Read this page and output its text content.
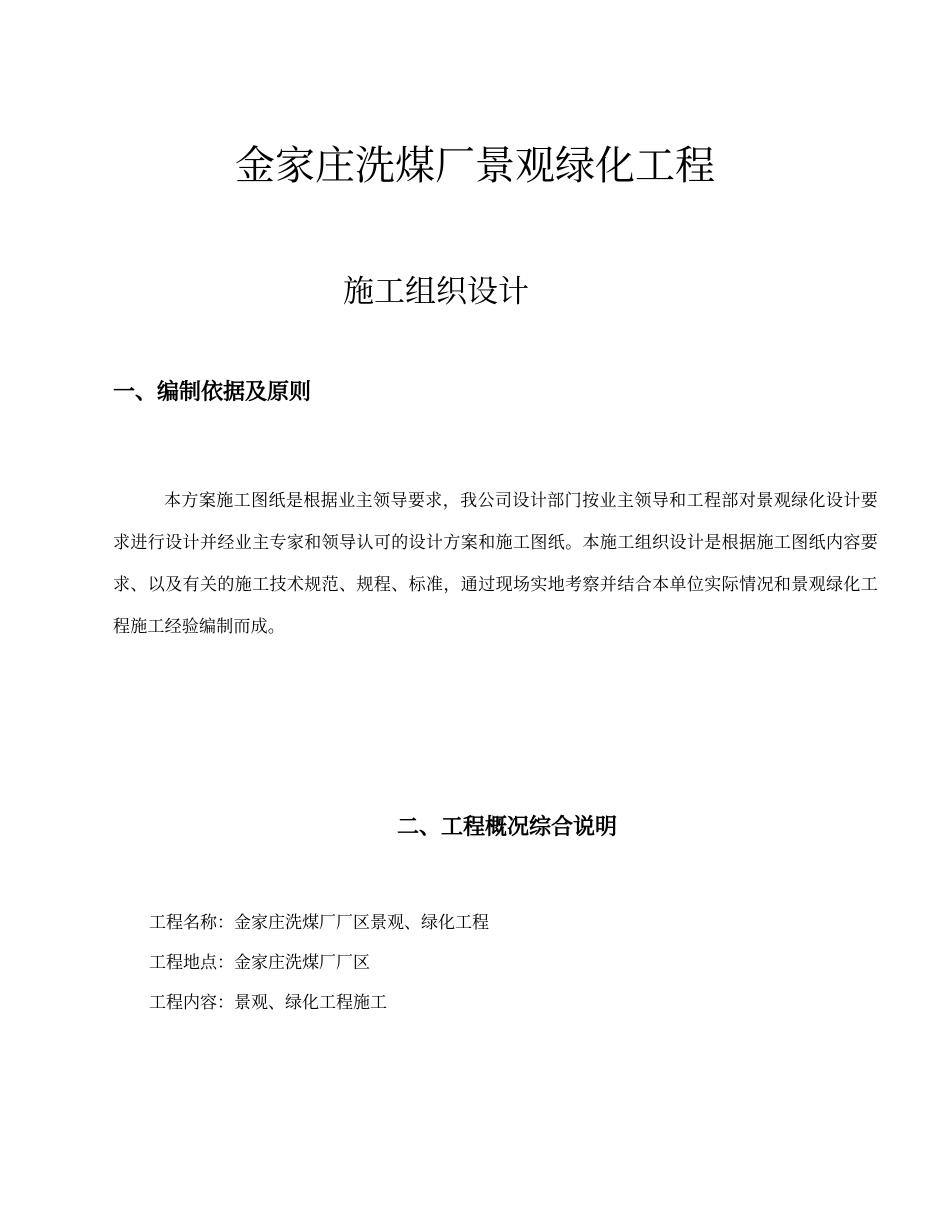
金家庄洗煤厂景观绿化工程
施工组织设计
一、编制依据及原则

本方案施工图纸是根据业主领导要求，我公司设计部门按业主领导和工程部对景观绿化设计要求进行设计并经业主专家和领导认可的设计方案和施工图纸。本施工组织设计是根据施工图纸内容要求、以及有关的施工技术规范、规程、标准，通过现场实地考察并结合本单位实际情况和景观绿化工程施工经验编制而成。

二、工程概况综合说明
工程名称：金家庄洗煤厂厂区景观、绿化工程
工程地点：金家庄洗煤厂厂区
工程内容：景观、绿化工程施工
